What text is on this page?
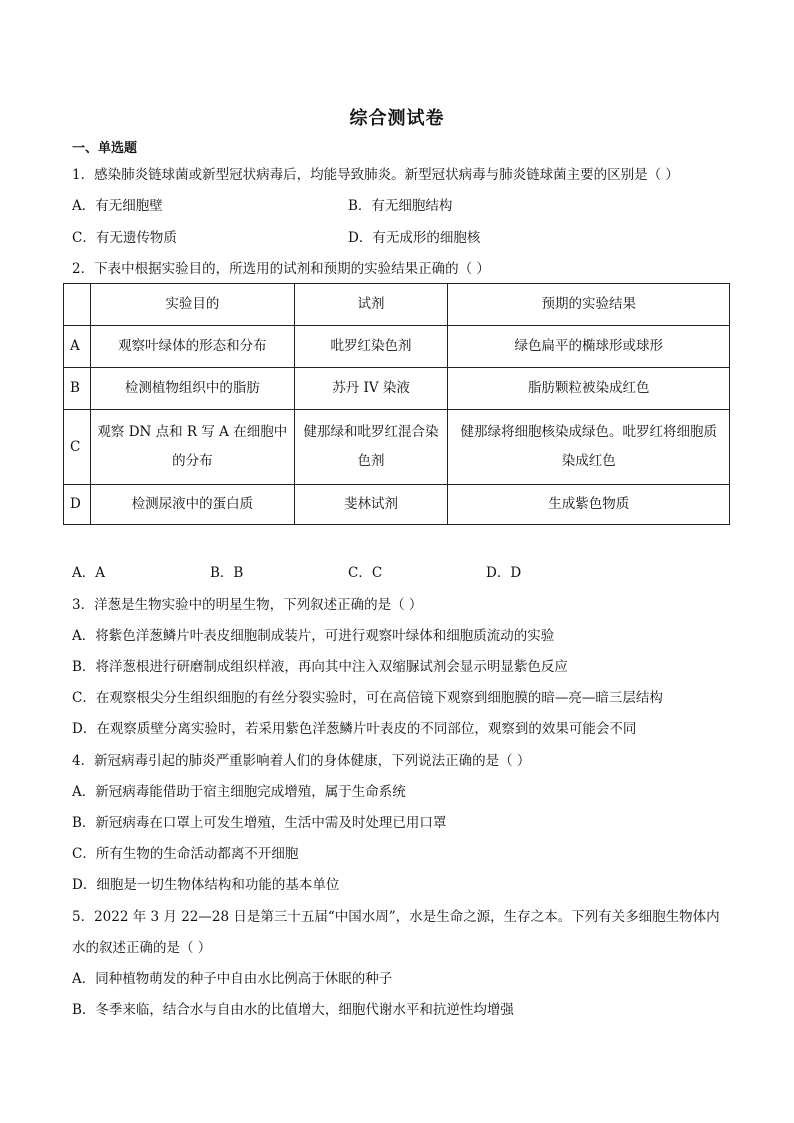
综合测试卷
一、单选题
1．感染肺炎链球菌或新型冠状病毒后，均能导致肺炎。新型冠状病毒与肺炎链球菌主要的区别是（ ）
A．有无细胞壁	B．有无细胞结构
C．有无遗传物质	D．有无成形的细胞核
2．下表中根据实验目的，所选用的试剂和预期的实验结果正确的（ ）
	实验目的	试剂	预期的实验结果
A	观察叶绿体的形态和分布	吡罗红染色剂	绿色扁平的椭球形或球形
B	检测植物组织中的脂肪	苏丹 IV 染液	脂肪颗粒被染成红色
C	观察 DN 点和 R 写 A 在细胞中的分布	健那绿和吡罗红混合染色剂	健那绿将细胞核染成绿色。吡罗红将细胞质染成红色
D	检测尿液中的蛋白质	斐林试剂	生成紫色物质
A．A	B．B	C．C	D．D
3．洋葱是生物实验中的明星生物，下列叙述正确的是（ ）
A．将紫色洋葱鳞片叶表皮细胞制成装片，可进行观察叶绿体和细胞质流动的实验
B．将洋葱根进行研磨制成组织样液，再向其中注入双缩脲试剂会显示明显紫色反应
C．在观察根尖分生组织细胞的有丝分裂实验时，可在高倍镜下观察到细胞膜的暗—亮—暗三层结构
D．在观察质壁分离实验时，若采用紫色洋葱鳞片叶表皮的不同部位，观察到的效果可能会不同
4．新冠病毒引起的肺炎严重影响着人们的身体健康，下列说法正确的是（ ）
A．新冠病毒能借助于宿主细胞完成增殖，属于生命系统
B．新冠病毒在口罩上可发生增殖，生活中需及时处理已用口罩
C．所有生物的生命活动都离不开细胞
D．细胞是一切生物体结构和功能的基本单位
5．2022 年 3 月 22—28 日是第三十五届“中国水周”，水是生命之源，生存之本。下列有关多细胞生物体内
水的叙述正确的是（ ）
A．同种植物萌发的种子中自由水比例高于休眠的种子
B．冬季来临，结合水与自由水的比值增大，细胞代谢水平和抗逆性均增强
